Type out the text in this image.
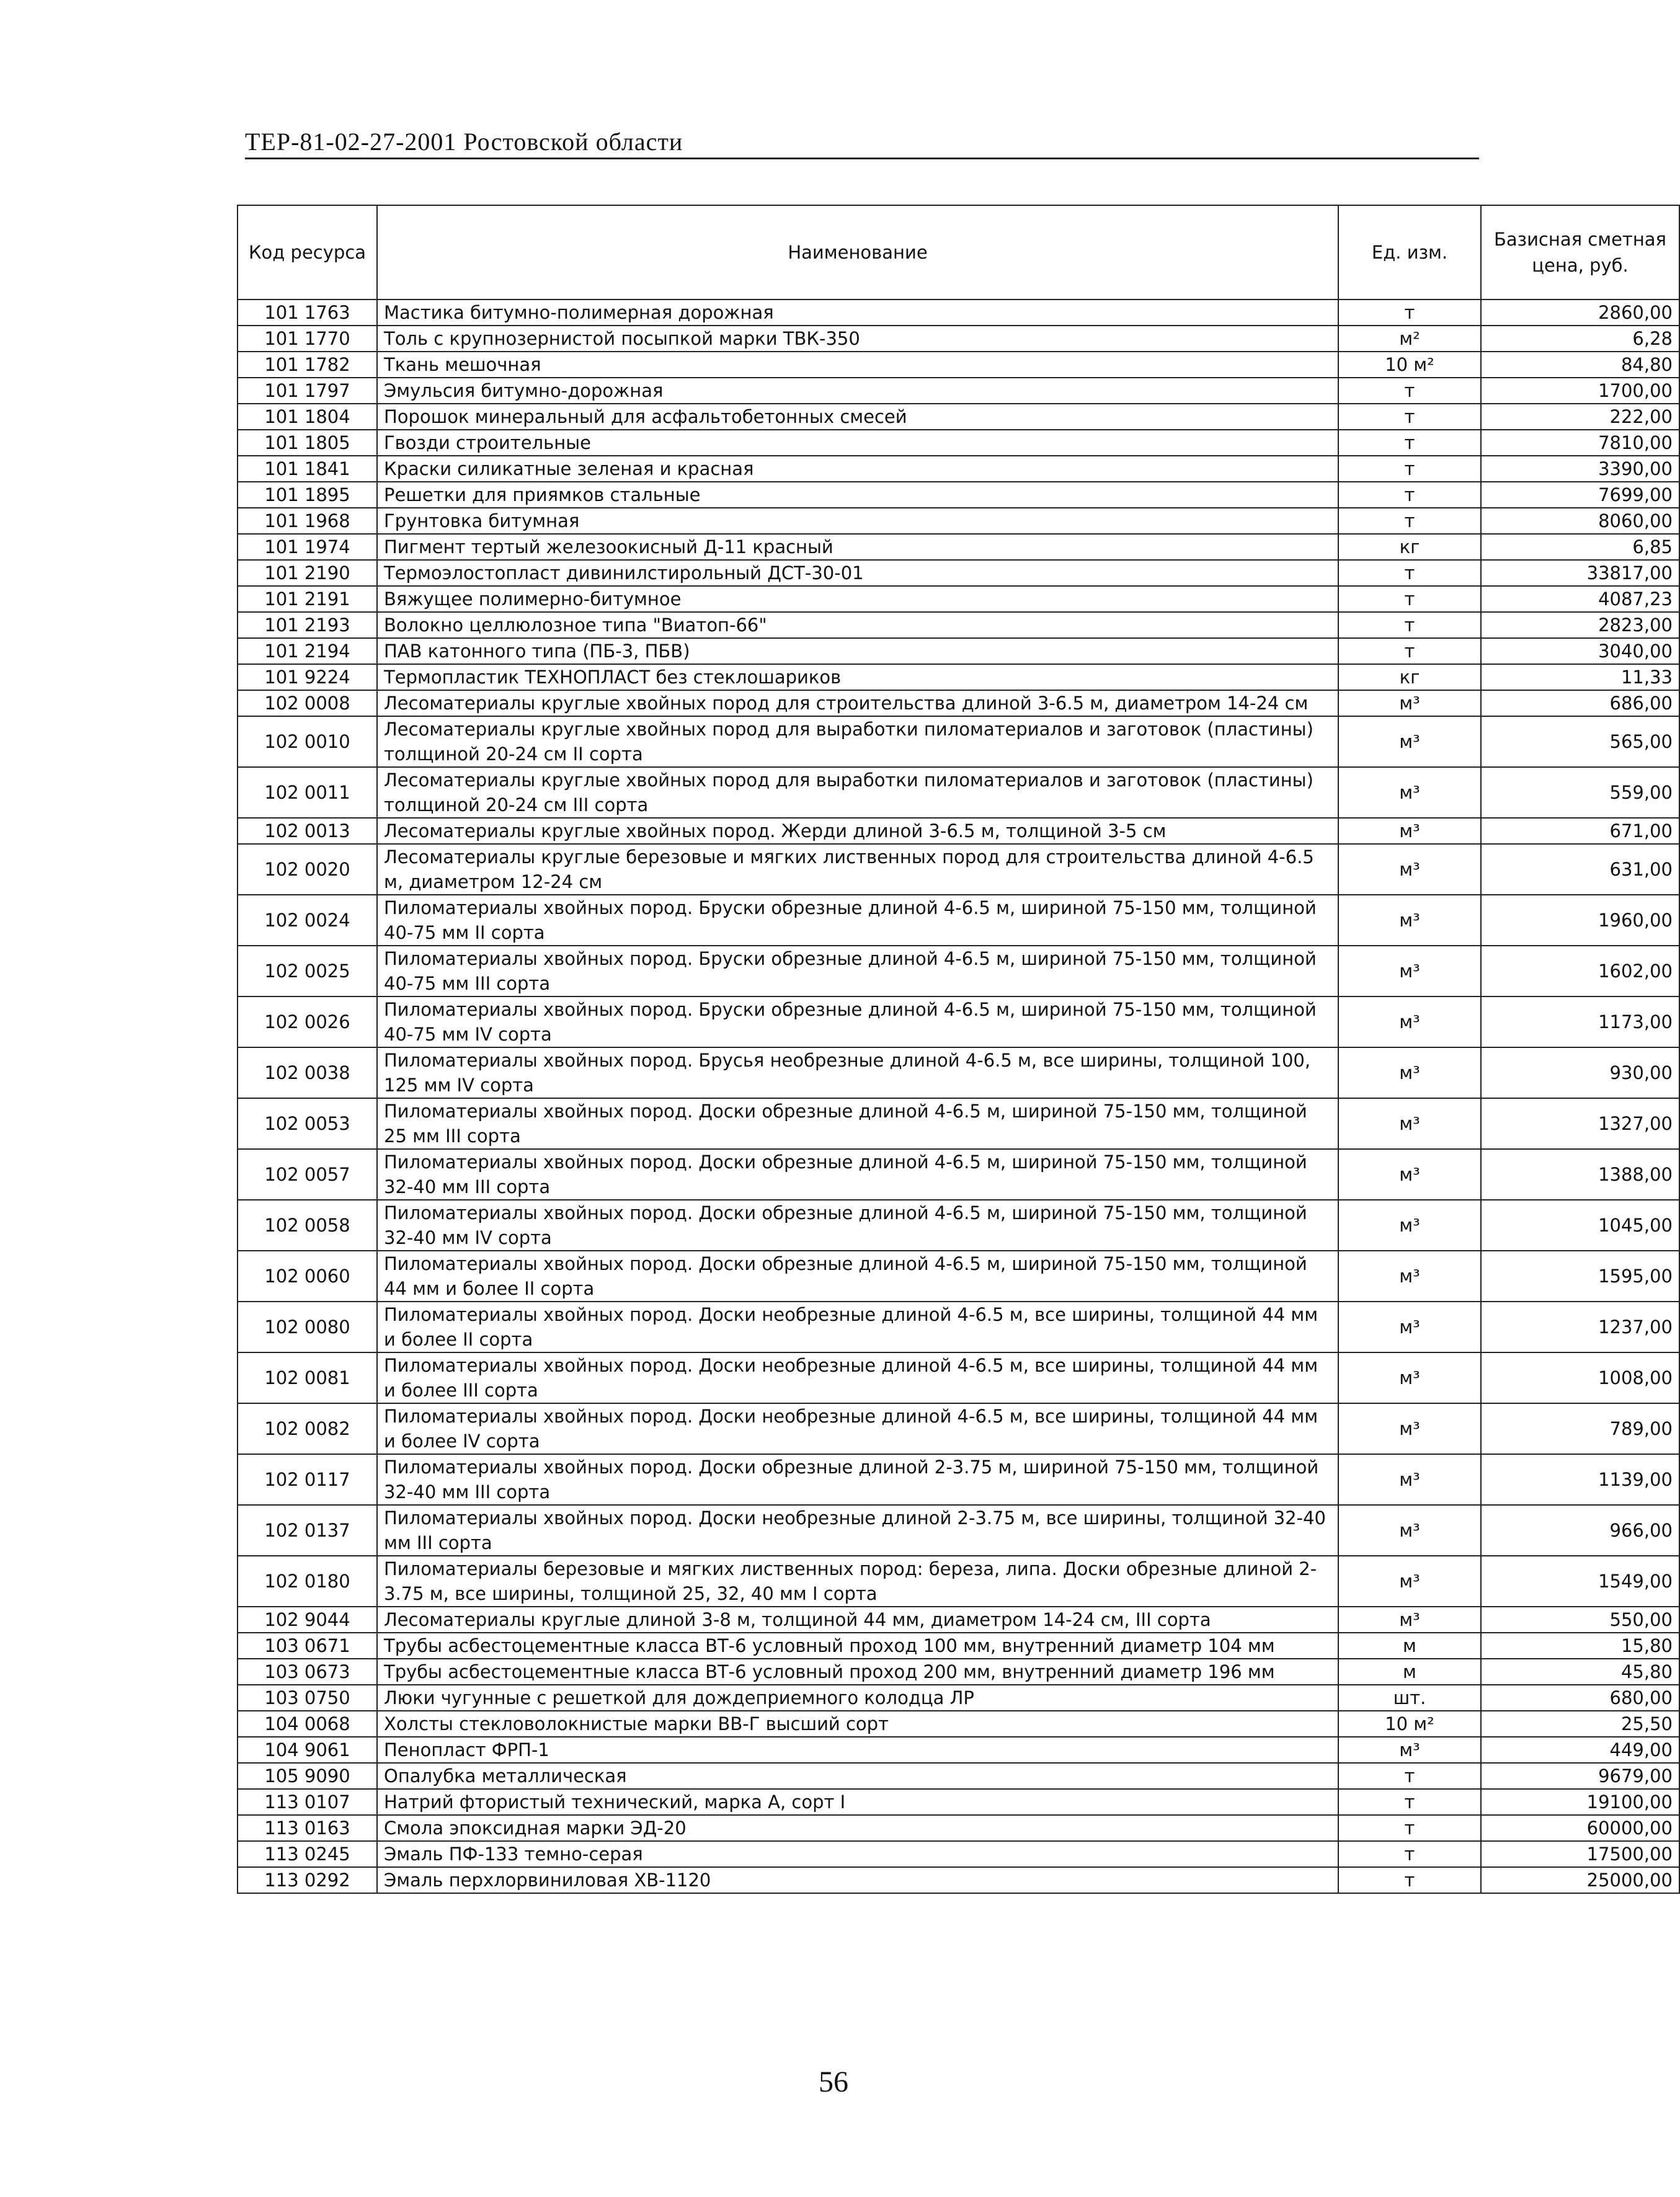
ТЕР-81-02-27-2001 Ростовской области
Код ресурса	Наименование	Ед. изм.	Базисная сметная цена, руб.
101 1763	Мастика битумно-полимерная дорожная	т	2860,00
101 1770	Толь с крупнозернистой посыпкой марки ТВК-350	м²	6,28
101 1782	Ткань мешочная	10 м²	84,80
101 1797	Эмульсия битумно-дорожная	т	1700,00
101 1804	Порошок минеральный для асфальтобетонных смесей	т	222,00
101 1805	Гвозди строительные	т	7810,00
101 1841	Краски силикатные зеленая и красная	т	3390,00
101 1895	Решетки для приямков стальные	т	7699,00
101 1968	Грунтовка битумная	т	8060,00
101 1974	Пигмент тертый железоокисный Д-11 красный	кг	6,85
101 2190	Термоэлостопласт дивинилстирольный ДСТ-30-01	т	33817,00
101 2191	Вяжущее полимерно-битумное	т	4087,23
101 2193	Волокно целлюлозное типа "Виатоп-66"	т	2823,00
101 2194	ПАВ катонного типа (ПБ-3, ПБВ)	т	3040,00
101 9224	Термопластик ТЕХНОПЛАСТ без стеклошариков	кг	11,33
102 0008	Лесоматериалы круглые хвойных пород для строительства длиной 3-6.5 м, диаметром 14-24 см	м³	686,00
102 0010	Лесоматериалы круглые хвойных пород для выработки пиломатериалов и заготовок (пластины) толщиной 20-24 см II сорта	м³	565,00
102 0011	Лесоматериалы круглые хвойных пород для выработки пиломатериалов и заготовок (пластины) толщиной 20-24 см III сорта	м³	559,00
102 0013	Лесоматериалы круглые хвойных пород. Жерди длиной 3-6.5 м, толщиной 3-5 см	м³	671,00
102 0020	Лесоматериалы круглые березовые и мягких лиственных пород для строительства длиной 4-6.5 м, диаметром 12-24 см	м³	631,00
102 0024	Пиломатериалы хвойных пород. Бруски обрезные длиной 4-6.5 м, шириной 75-150 мм, толщиной 40-75 мм II сорта	м³	1960,00
102 0025	Пиломатериалы хвойных пород. Бруски обрезные длиной 4-6.5 м, шириной 75-150 мм, толщиной 40-75 мм III сорта	м³	1602,00
102 0026	Пиломатериалы хвойных пород. Бруски обрезные длиной 4-6.5 м, шириной 75-150 мм, толщиной 40-75 мм IV сорта	м³	1173,00
102 0038	Пиломатериалы хвойных пород. Брусья необрезные длиной 4-6.5 м, все ширины, толщиной 100, 125 мм IV сорта	м³	930,00
102 0053	Пиломатериалы хвойных пород. Доски обрезные длиной 4-6.5 м, шириной 75-150 мм, толщиной 25 мм III сорта	м³	1327,00
102 0057	Пиломатериалы хвойных пород. Доски обрезные длиной 4-6.5 м, шириной 75-150 мм, толщиной 32-40 мм III сорта	м³	1388,00
102 0058	Пиломатериалы хвойных пород. Доски обрезные длиной 4-6.5 м, шириной 75-150 мм, толщиной 32-40 мм IV сорта	м³	1045,00
102 0060	Пиломатериалы хвойных пород. Доски обрезные длиной 4-6.5 м, шириной 75-150 мм, толщиной 44 мм и более II сорта	м³	1595,00
102 0080	Пиломатериалы хвойных пород. Доски необрезные длиной 4-6.5 м, все ширины, толщиной 44 мм и более II сорта	м³	1237,00
102 0081	Пиломатериалы хвойных пород. Доски необрезные длиной 4-6.5 м, все ширины, толщиной 44 мм и более III сорта	м³	1008,00
102 0082	Пиломатериалы хвойных пород. Доски необрезные длиной 4-6.5 м, все ширины, толщиной 44 мм и более IV сорта	м³	789,00
102 0117	Пиломатериалы хвойных пород. Доски обрезные длиной 2-3.75 м, шириной 75-150 мм, толщиной 32-40 мм III сорта	м³	1139,00
102 0137	Пиломатериалы хвойных пород. Доски необрезные длиной 2-3.75 м, все ширины, толщиной 32-40 мм III сорта	м³	966,00
102 0180	Пиломатериалы березовые и мягких лиственных пород: береза, липа. Доски обрезные длиной 2-3.75 м, все ширины, толщиной 25, 32, 40 мм I сорта	м³	1549,00
102 9044	Лесоматериалы круглые длиной 3-8 м, толщиной 44 мм, диаметром 14-24 см, III сорта	м³	550,00
103 0671	Трубы асбестоцементные класса ВТ-6 условный проход 100 мм, внутренний диаметр 104 мм	м	15,80
103 0673	Трубы асбестоцементные класса ВТ-6 условный проход 200 мм, внутренний диаметр 196 мм	м	45,80
103 0750	Люки чугунные с решеткой для дождеприемного колодца ЛР	шт.	680,00
104 0068	Холсты стекловолокнистые марки ВВ-Г высший сорт	10 м²	25,50
104 9061	Пенопласт ФРП-1	м³	449,00
105 9090	Опалубка металлическая	т	9679,00
113 0107	Натрий фтористый технический, марка А, сорт I	т	19100,00
113 0163	Смола эпоксидная марки ЭД-20	т	60000,00
113 0245	Эмаль ПФ-133 темно-серая	т	17500,00
113 0292	Эмаль перхлорвиниловая ХВ-1120	т	25000,00
56
